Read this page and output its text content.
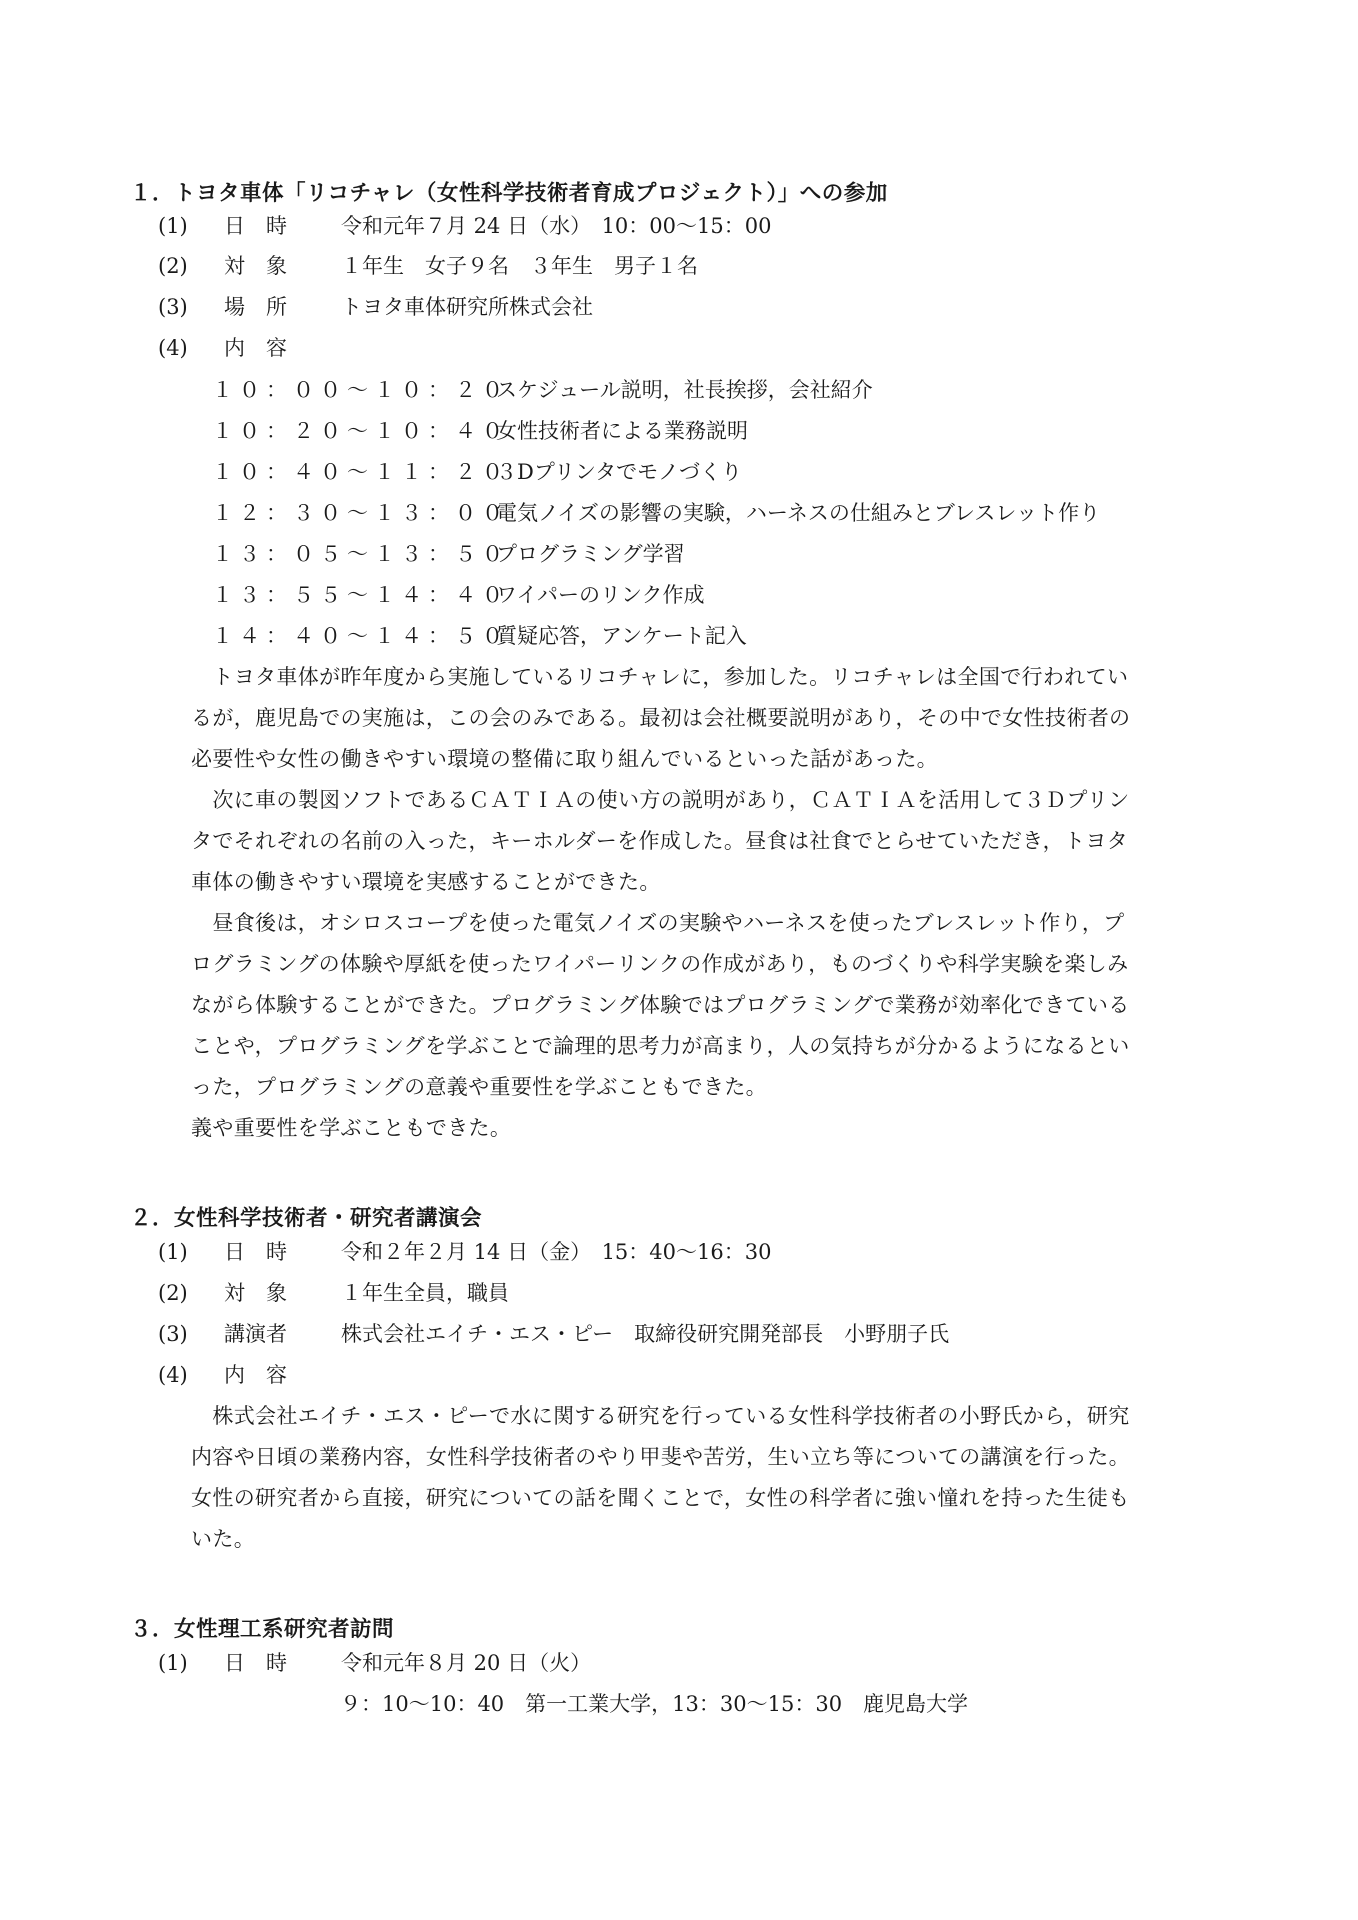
１．トヨタ車体「リコチャレ（女性科学技術者育成プロジェクト）」への参加
(1) 日　時	令和元年７月 24 日（水）　10：00〜15：00
(2) 対　象	１年生　女子９名　３年生　男子１名
(3) 場　所	トヨタ車体研究所株式会社
(4) 内　容
１０：００〜１０：２０スケジュール説明，社長挨拶，会社紹介
１０：２０〜１０：４０女性技術者による業務説明
１０：４０〜１１：２０３Dプリンタでモノづくり
１２：３０〜１３：００電気ノイズの影響の実験，ハーネスの仕組みとブレスレット作り
１３：０５〜１３：５０プログラミング学習
１３：５５〜１４：４０ワイパーのリンク作成
１４：４０〜１４：５０質疑応答，アンケート記入
　トヨタ車体が昨年度から実施しているリコチャレに，参加した。リコチャレは全国で行われてい
るが，鹿児島での実施は，この会のみである。最初は会社概要説明があり，その中で女性技術者の
必要性や女性の働きやすい環境の整備に取り組んでいるといった話があった。
　次に車の製図ソフトであるＣＡＴＩＡの使い方の説明があり，ＣＡＴＩＡを活用して３Ｄプリン
タでそれぞれの名前の入った，キーホルダーを作成した。昼食は社食でとらせていただき，トヨタ
車体の働きやすい環境を実感することができた。
　昼食後は，オシロスコープを使った電気ノイズの実験やハーネスを使ったブレスレット作り，プ
ログラミングの体験や厚紙を使ったワイパーリンクの作成があり，ものづくりや科学実験を楽しみ
ながら体験することができた。プログラミング体験ではプログラミングで業務が効率化できている
ことや，プログラミングを学ぶことで論理的思考力が高まり，人の気持ちが分かるようになるとい
った，プログラミングの意義や重要性を学ぶこともできた。
義や重要性を学ぶこともできた。
２．女性科学技術者・研究者講演会
(1) 日　時	令和２年２月 14 日（金）　15：40〜16：30
(2) 対　象	１年生全員，職員
(3) 講演者	株式会社エイチ・エス・ピー　取締役研究開発部長　小野朋子氏
(4) 内　容
　株式会社エイチ・エス・ピーで水に関する研究を行っている女性科学技術者の小野氏から，研究
内容や日頃の業務内容，女性科学技術者のやり甲斐や苦労，生い立ち等についての講演を行った。
女性の研究者から直接，研究についての話を聞くことで，女性の科学者に強い憧れを持った生徒も
いた。
３．女性理工系研究者訪問
(1) 日　時	令和元年８月 20 日（火）
９：10〜10：40　第一工業大学，13：30〜15：30　鹿児島大学
